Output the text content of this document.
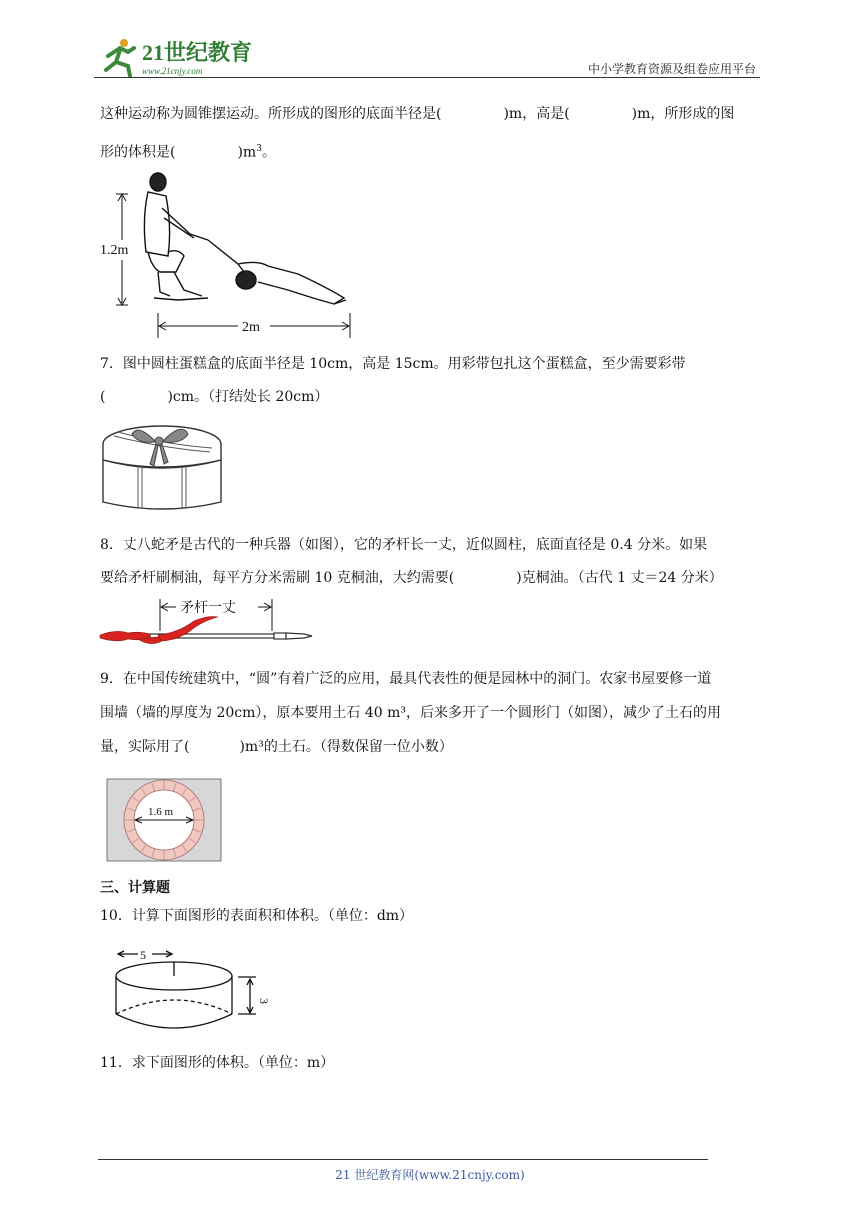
21世纪教育
www.21cnjy.com	中小学教育资源及组卷应用平台
这种运动称为圆锥摆运动。所形成的图形的底面半径是(	)m，高是(	)m，所形成的图
形的体积是(	)$m^3$。
1.2m
2m
7．图中圆柱蛋糕盒的底面半径是 10cm，高是 15cm。用彩带包扎这个蛋糕盒，至少需要彩带
(	)cm。（打结处长 20cm）
8．丈八蛇矛是古代的一种兵器（如图），它的矛杆长一丈，近似圆柱，底面直径是 0.4 分米。如果
要给矛杆刷桐油，每平方分米需刷 10 克桐油，大约需要(	)克桐油。（古代 1 丈＝24 分米）
矛杆一丈
9．在中国传统建筑中，“圆”有着广泛的应用，最具代表性的便是园林中的洞门。农家书屋要修一道
围墙（墙的厚度为 20cm），原本要用土石 40 m³，后来多开了一个圆形门（如图），减少了土石的用
量，实际用了(	)m³的土石。（得数保留一位小数）
1.6 m
三、计算题
10．计算下面图形的表面积和体积。（单位：dm）
5
3
11．求下面图形的体积。（单位：m）
21 世纪教育网(www.21cnjy.com)
